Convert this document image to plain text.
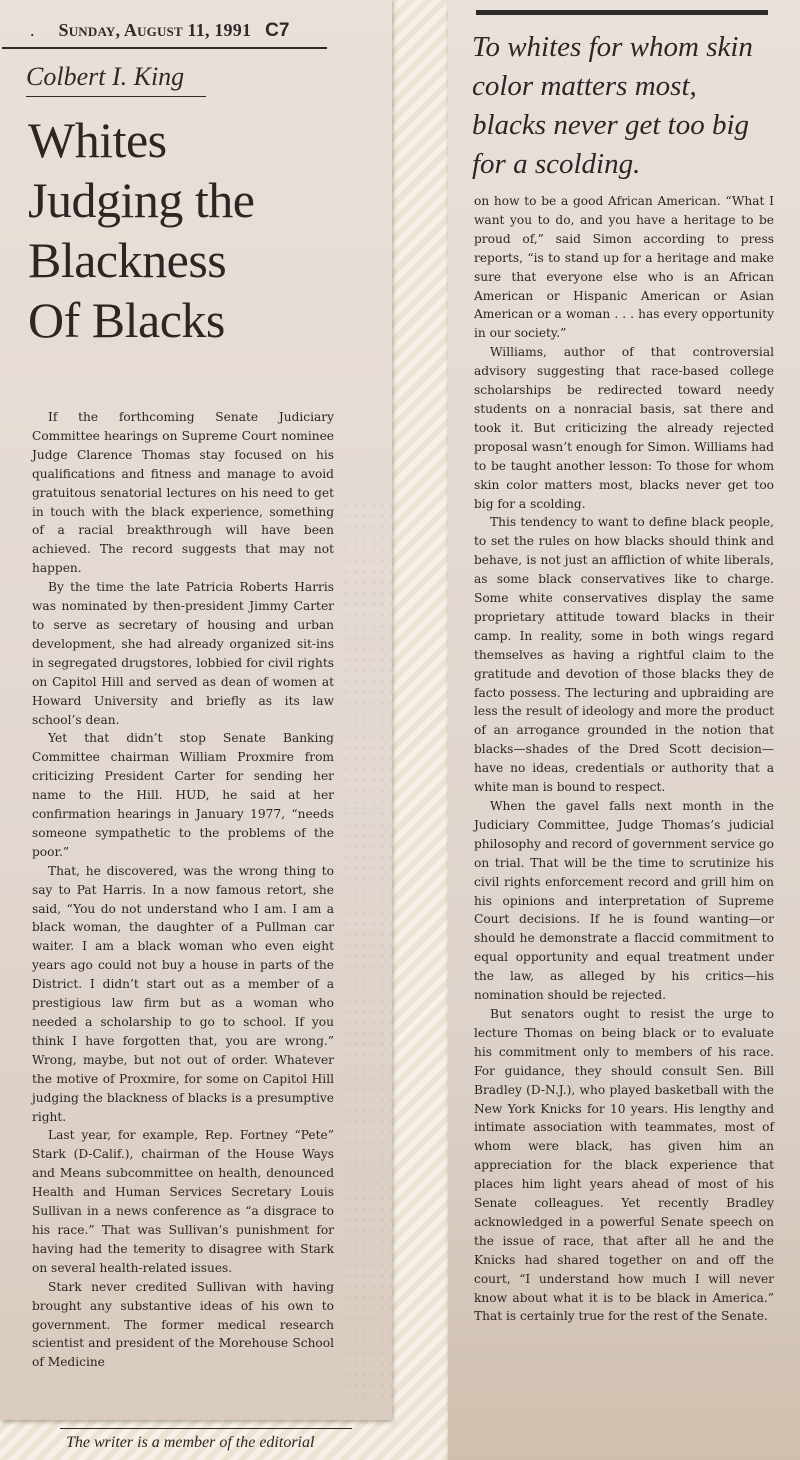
. Sunday, August 11, 1991 C7
Colbert I. King
Whites
Judging the
Blackness
Of Blacks

If the forthcoming Senate Judiciary Committee hearings on Supreme Court nominee Judge Clarence Thomas stay focused on his qualifications and fitness and manage to avoid gratuitous senatorial lectures on his need to get in touch with the black experience, something of a racial breakthrough will have been achieved. The record suggests that may not happen.

By the time the late Patricia Roberts Harris was nominated by then-president Jimmy Carter to serve as secretary of housing and urban development, she had already organized sit-ins in segregated drugstores, lobbied for civil rights on Capitol Hill and served as dean of women at Howard University and briefly as its law school’s dean.

Yet that didn’t stop Senate Banking Committee chairman William Proxmire from criticizing President Carter for sending her name to the Hill. HUD, he said at her confirmation hearings in January 1977, “needs someone sympathetic to the problems of the poor.”

That, he discovered, was the wrong thing to say to Pat Harris. In a now famous retort, she said, “You do not understand who I am. I am a black woman, the daughter of a Pullman car waiter. I am a black woman who even eight years ago could not buy a house in parts of the District. I didn’t start out as a member of a prestigious law firm but as a woman who needed a scholarship to go to school. If you think I have forgotten that, you are wrong.” Wrong, maybe, but not out of order. Whatever the motive of Proxmire, for some on Capitol Hill judging the blackness of blacks is a presumptive right.

Last year, for example, Rep. Fortney “Pete” Stark (D-Calif.), chairman of the House Ways and Means subcommittee on health, denounced Health and Human Services Secretary Louis Sullivan in a news conference as “a disgrace to his race.” That was Sullivan’s punishment for having had the temerity to disagree with Stark on several health-related issues.

Stark never credited Sullivan with having brought any substantive ideas of his own to government. The former medical research scientist and president of the Morehouse School of Medicine

To whites for whom skin color matters most, blacks never get too big for a scolding.

on how to be a good African American. “What I want you to do, and you have a heritage to be proud of,” said Simon according to press reports, “is to stand up for a heritage and make sure that everyone else who is an African American or Hispanic American or Asian American or a woman . . . has every opportunity in our society.”

Williams, author of that controversial advisory suggesting that race-based college scholarships be redirected toward needy students on a nonracial basis, sat there and took it. But criticizing the already rejected proposal wasn’t enough for Simon. Williams had to be taught another lesson: To those for whom skin color matters most, blacks never get too big for a scolding.

This tendency to want to define black people, to set the rules on how blacks should think and behave, is not just an affliction of white liberals, as some black conservatives like to charge. Some white conservatives display the same proprietary attitude toward blacks in their camp. In reality, some in both wings regard themselves as having a rightful claim to the gratitude and devotion of those blacks they de facto possess. The lecturing and upbraiding are less the result of ideology and more the product of an arrogance grounded in the notion that blacks—shades of the Dred Scott decision—have no ideas, credentials or authority that a white man is bound to respect.

When the gavel falls next month in the Judiciary Committee, Judge Thomas’s judicial philosophy and record of government service go on trial. That will be the time to scrutinize his civil rights enforcement record and grill him on his opinions and interpretation of Supreme Court decisions. If he is found wanting—or should he demonstrate a flaccid commitment to equal opportunity and equal treatment under the law, as alleged by his critics—his nomination should be rejected.

But senators ought to resist the urge to lecture Thomas on being black or to evaluate his commitment only to members of his race. For guidance, they should consult Sen. Bill Bradley (D-N.J.), who played basketball with the New York Knicks for 10 years. His lengthy and intimate association with teammates, most of whom were black, has given him an appreciation for the black experience that places him light years ahead of most of his Senate colleagues. Yet recently Bradley acknowledged in a powerful Senate speech on the issue of race, that after all he and the Knicks had shared together on and off the court, “I understand how much I will never know about what it is to be black in America.” That is certainly true for the rest of the Senate.

The writer is a member of the editorial
